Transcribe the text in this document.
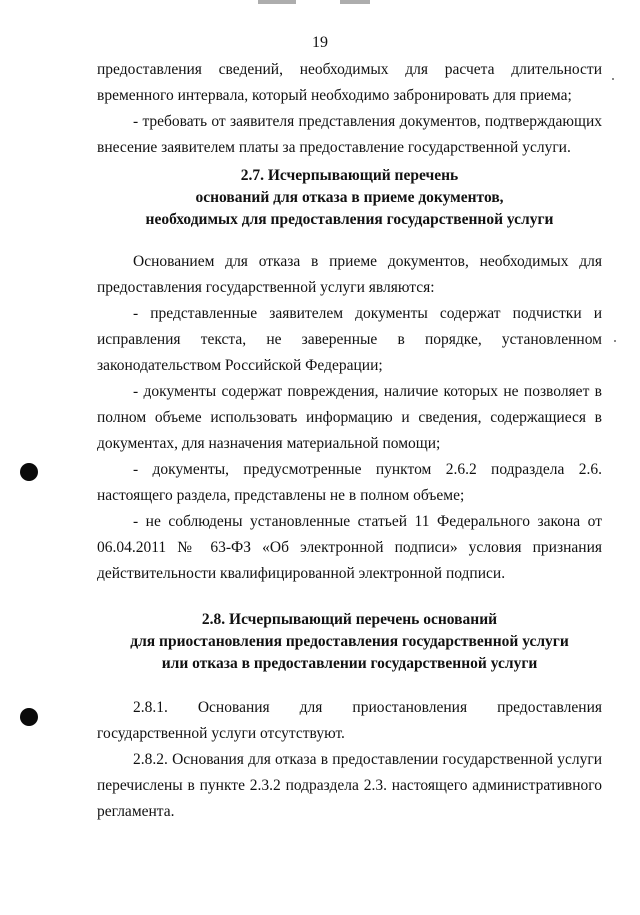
19

предоставления сведений, необходимых для расчета длительности временного интервала, который необходимо забронировать для приема;

- требовать от заявителя представления документов, подтверждающих внесение заявителем платы за предоставление государственной услуги.

2.7. Исчерпывающий перечень
оснований для отказа в приеме документов,
необходимых для предоставления государственной услуги

Основанием для отказа в приеме документов, необходимых для предоставления государственной услуги являются:

- представленные заявителем документы содержат подчистки и исправления текста, не заверенные в порядке, установленном законодательством Российской Федерации;

- документы содержат повреждения, наличие которых не позволяет в полном объеме использовать информацию и сведения, содержащиеся в документах, для назначения материальной помощи;

- документы, предусмотренные пунктом 2.6.2 подраздела 2.6. настоящего раздела, представлены не в полном объеме;

- не соблюдены установленные статьей 11 Федерального закона от 06.04.2011 № 63-ФЗ «Об электронной подписи» условия признания действительности квалифицированной электронной подписи.

2.8. Исчерпывающий перечень оснований
для приостановления предоставления государственной услуги
или отказа в предоставлении государственной услуги

2.8.1. Основания для приостановления предоставления государственной услуги отсутствуют.

2.8.2. Основания для отказа в предоставлении государственной услуги перечислены в пункте 2.3.2 подраздела 2.3. настоящего административного регламента.
